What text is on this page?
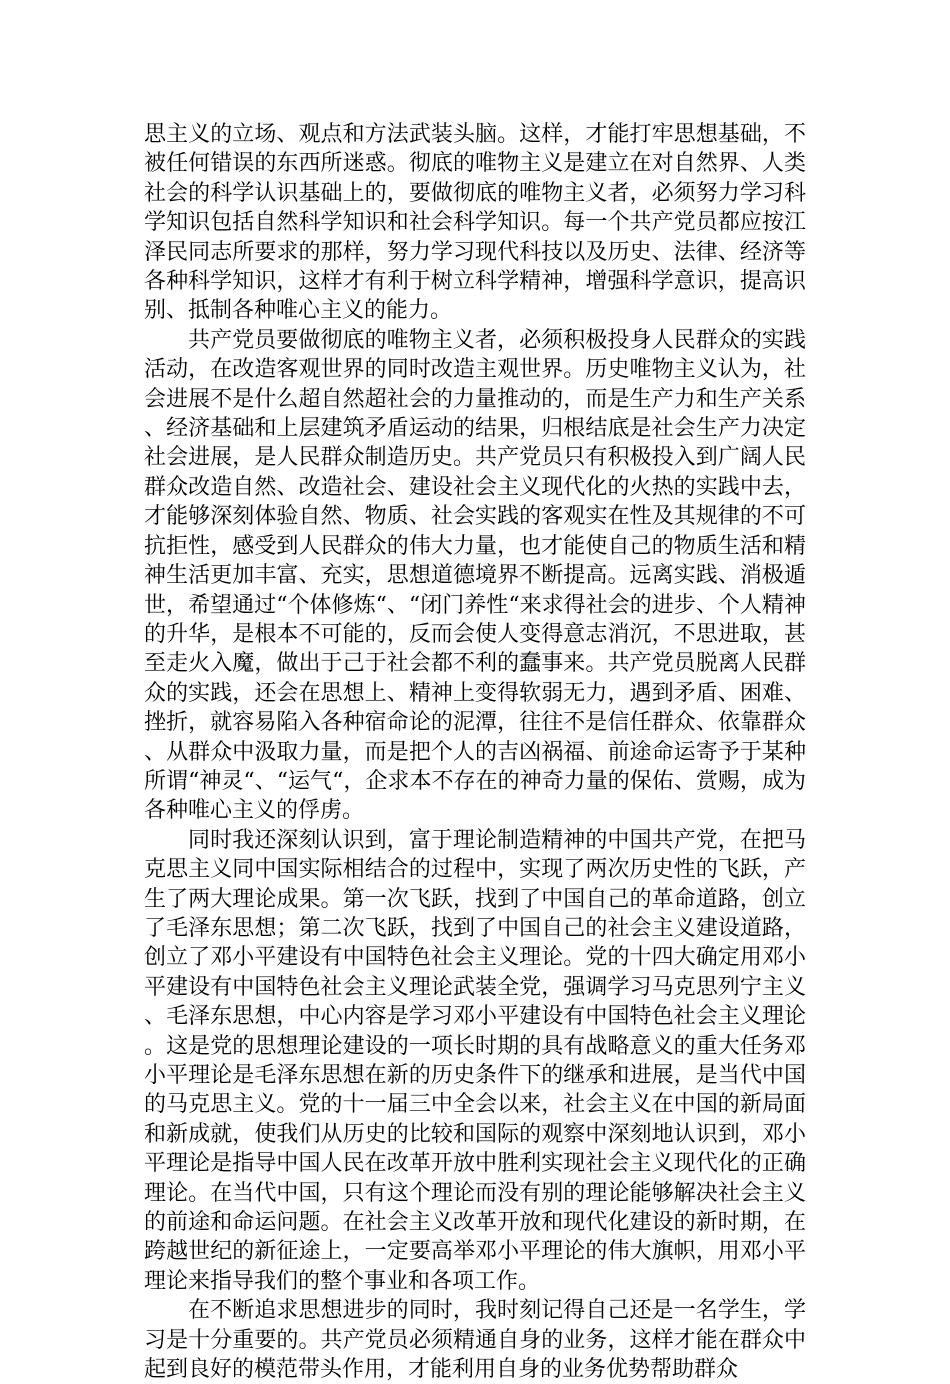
思主义的立场、观点和方法武装头脑。这样，才能打牢思想基础，不被任何错误的东西所迷惑。彻底的唯物主义是建立在对自然界、人类社会的科学认识基础上的，要做彻底的唯物主义者，必须努力学习科学知识包括自然科学知识和社会科学知识。每一个共产党员都应按江泽民同志所要求的那样，努力学习现代科技以及历史、法律、经济等各种科学知识，这样才有利于树立科学精神，增强科学意识，提高识别、抵制各种唯心主义的能力。

共产党员要做彻底的唯物主义者，必须积极投身人民群众的实践活动，在改造客观世界的同时改造主观世界。历史唯物主义认为，社会进展不是什么超自然超社会的力量推动的，而是生产力和生产关系、经济基础和上层建筑矛盾运动的结果，归根结底是社会生产力决定社会进展，是人民群众制造历史。共产党员只有积极投入到广阔人民群众改造自然、改造社会、建设社会主义现代化的火热的实践中去，才能够深刻体验自然、物质、社会实践的客观实在性及其规律的不可抗拒性，感受到人民群众的伟大力量，也才能使自己的物质生活和精神生活更加丰富、充实，思想道德境界不断提高。远离实践、消极遁世，希望通过“个体修炼“、“闭门养性“来求得社会的进步、个人精神的升华，是根本不可能的，反而会使人变得意志消沉，不思进取，甚至走火入魔，做出于己于社会都不利的蠢事来。共产党员脱离人民群众的实践，还会在思想上、精神上变得软弱无力，遇到矛盾、困难、挫折，就容易陷入各种宿命论的泥潭，往往不是信任群众、依靠群众、从群众中汲取力量，而是把个人的吉凶祸福、前途命运寄予于某种所谓“神灵“、“运气“，企求本不存在的神奇力量的保佑、赏赐，成为各种唯心主义的俘虏。

同时我还深刻认识到，富于理论制造精神的中国共产党，在把马克思主义同中国实际相结合的过程中，实现了两次历史性的飞跃，产生了两大理论成果。第一次飞跃，找到了中国自己的革命道路，创立了毛泽东思想；第二次飞跃，找到了中国自己的社会主义建设道路，创立了邓小平建设有中国特色社会主义理论。党的十四大确定用邓小平建设有中国特色社会主义理论武装全党，强调学习马克思列宁主义、毛泽东思想，中心内容是学习邓小平建设有中国特色社会主义理论。这是党的思想理论建设的一项长时期的具有战略意义的重大任务邓小平理论是毛泽东思想在新的历史条件下的继承和进展，是当代中国的马克思主义。党的十一届三中全会以来，社会主义在中国的新局面和新成就，使我们从历史的比较和国际的观察中深刻地认识到，邓小平理论是指导中国人民在改革开放中胜利实现社会主义现代化的正确理论。在当代中国，只有这个理论而没有别的理论能够解决社会主义的前途和命运问题。在社会主义改革开放和现代化建设的新时期，在跨越世纪的新征途上，一定要高举邓小平理论的伟大旗帜，用邓小平理论来指导我们的整个事业和各项工作。

在不断追求思想进步的同时，我时刻记得自己还是一名学生，学习是十分重要的。共产党员必须精通自身的业务，这样才能在群众中起到良好的模范带头作用，才能利用自身的业务优势帮助群众
